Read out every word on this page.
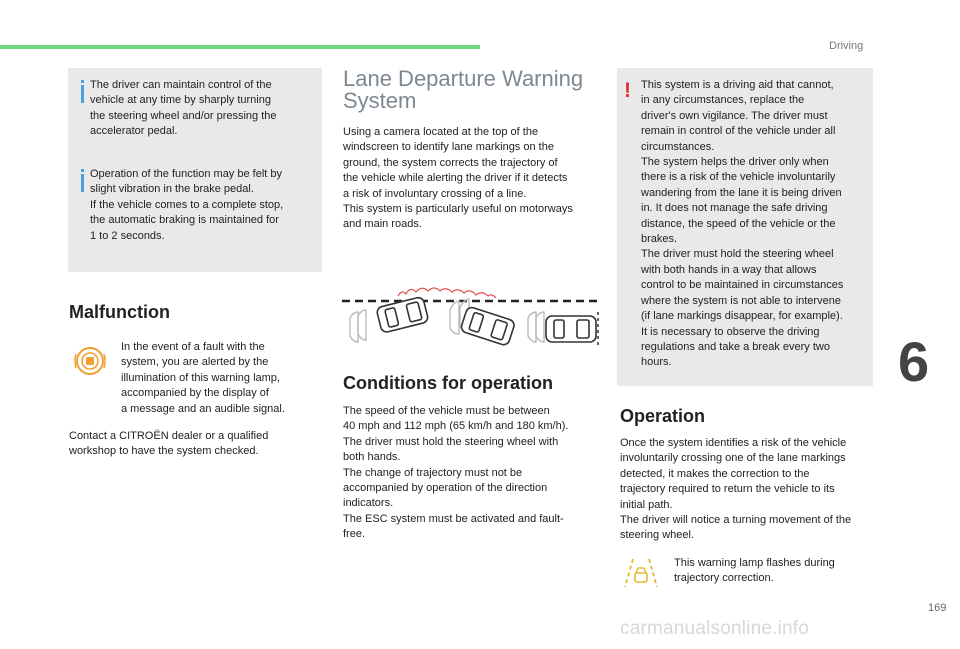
Driving
6
The driver can maintain control of the
vehicle at any time by sharply turning
the steering wheel and/or pressing the
accelerator pedal.
Operation of the function may be felt by
slight vibration in the brake pedal.
If the vehicle comes to a complete stop,
the automatic braking is maintained for
1 to 2 seconds.
Malfunction
In the event of a fault with the
system, you are alerted by the
illumination of this warning lamp,
accompanied by the display of
a message and an audible signal.
Contact a CITROËN dealer or a qualified
workshop to have the system checked.
Lane Departure Warning
System
Using a camera located at the top of the
windscreen to identify lane markings on the
ground, the system corrects the trajectory of
the vehicle while alerting the driver if it detects
a risk of involuntary crossing of a line.
This system is particularly useful on motorways
and main roads.
Conditions for operation
The speed of the vehicle must be between
40 mph and 112 mph (65 km/h and 180 km/h).
The driver must hold the steering wheel with
both hands.
The change of trajectory must not be
accompanied by operation of the direction
indicators.
The ESC system must be activated and fault-
free.
! This system is a driving aid that cannot,
in any circumstances, replace the
driver's own vigilance. The driver must
remain in control of the vehicle under all
circumstances.
The system helps the driver only when
there is a risk of the vehicle involuntarily
wandering from the lane it is being driven
in. It does not manage the safe driving
distance, the speed of the vehicle or the
brakes.
The driver must hold the steering wheel
with both hands in a way that allows
control to be maintained in circumstances
where the system is not able to intervene
(if lane markings disappear, for example).
It is necessary to observe the driving
regulations and take a break every two
hours.
Operation
Once the system identifies a risk of the vehicle
involuntarily crossing one of the lane markings
detected, it makes the correction to the
trajectory required to return the vehicle to its
initial path.
The driver will notice a turning movement of the
steering wheel.
This warning lamp flashes during
trajectory correction.
169
carmanualsonline.info
